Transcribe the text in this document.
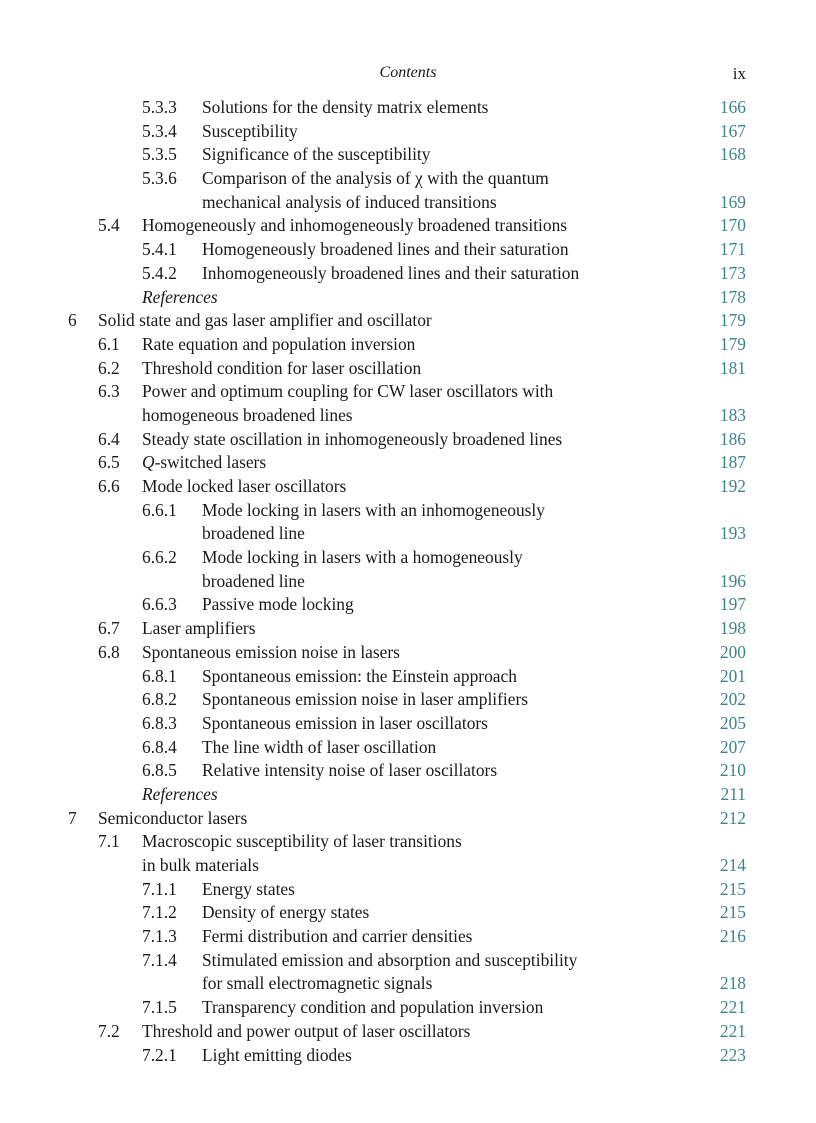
Contents	ix
5.3.3 Solutions for the density matrix elements	166
5.3.4 Susceptibility	167
5.3.5 Significance of the susceptibility	168
5.3.6 Comparison of the analysis of χ with the quantum
mechanical analysis of induced transitions	169
5.4 Homogeneously and inhomogeneously broadened transitions	170
5.4.1 Homogeneously broadened lines and their saturation	171
5.4.2 Inhomogeneously broadened lines and their saturation	173
References	178
6 Solid state and gas laser amplifier and oscillator	179
6.1 Rate equation and population inversion	179
6.2 Threshold condition for laser oscillation	181
6.3 Power and optimum coupling for CW laser oscillators with
homogeneous broadened lines	183
6.4 Steady state oscillation in inhomogeneously broadened lines	186
6.5 Q-switched lasers	187
6.6 Mode locked laser oscillators	192
6.6.1 Mode locking in lasers with an inhomogeneously
broadened line	193
6.6.2 Mode locking in lasers with a homogeneously
broadened line	196
6.6.3 Passive mode locking	197
6.7 Laser amplifiers	198
6.8 Spontaneous emission noise in lasers	200
6.8.1 Spontaneous emission: the Einstein approach	201
6.8.2 Spontaneous emission noise in laser amplifiers	202
6.8.3 Spontaneous emission in laser oscillators	205
6.8.4 The line width of laser oscillation	207
6.8.5 Relative intensity noise of laser oscillators	210
References	211
7 Semiconductor lasers	212
7.1 Macroscopic susceptibility of laser transitions
in bulk materials	214
7.1.1 Energy states	215
7.1.2 Density of energy states	215
7.1.3 Fermi distribution and carrier densities	216
7.1.4 Stimulated emission and absorption and susceptibility
for small electromagnetic signals	218
7.1.5 Transparency condition and population inversion	221
7.2 Threshold and power output of laser oscillators	221
7.2.1 Light emitting diodes	223
